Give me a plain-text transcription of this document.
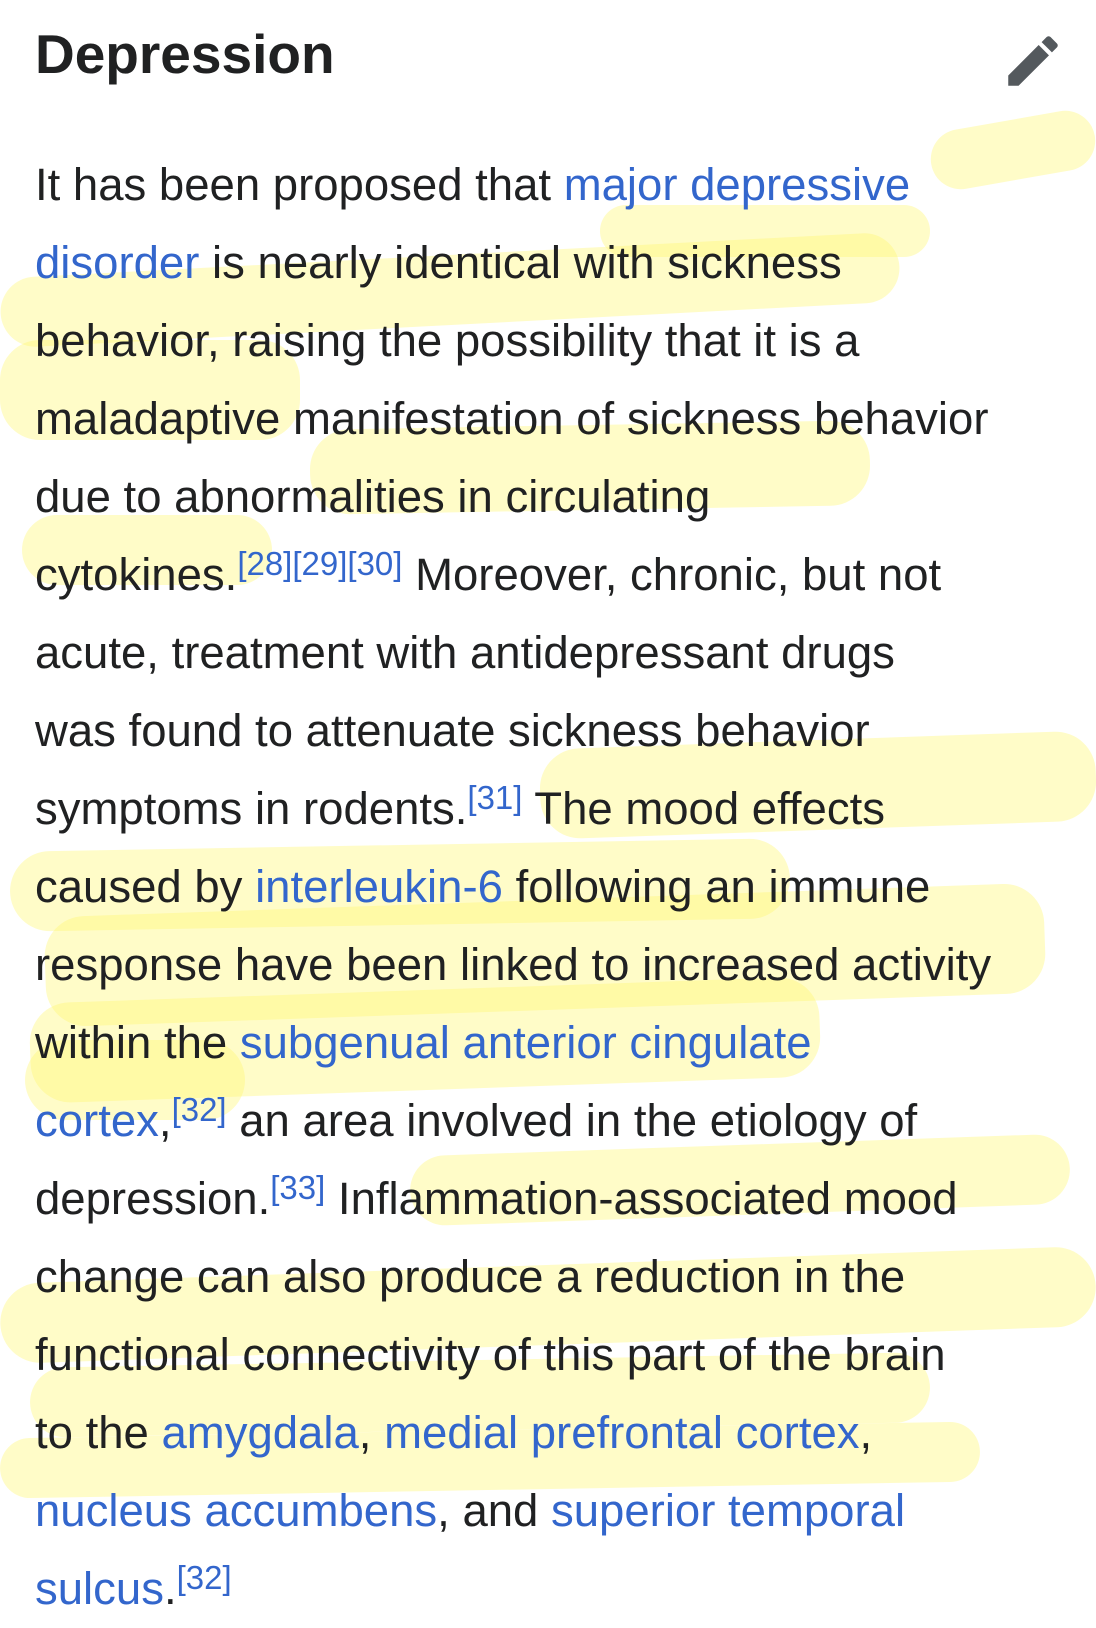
Depression

It has been proposed that major depressive
disorder is nearly identical with sickness
behavior, raising the possibility that it is a
maladaptive manifestation of sickness behavior
due to abnormalities in circulating
cytokines.[28][29][30] Moreover, chronic, but not
acute, treatment with antidepressant drugs
was found to attenuate sickness behavior
symptoms in rodents.[31] The mood effects
caused by interleukin-6 following an immune
response have been linked to increased activity
within the subgenual anterior cingulate
cortex,[32] an area involved in the etiology of
depression.[33] Inflammation-associated mood
change can also produce a reduction in the
functional connectivity of this part of the brain
to the amygdala, medial prefrontal cortex,
nucleus accumbens, and superior temporal
sulcus.[32]
